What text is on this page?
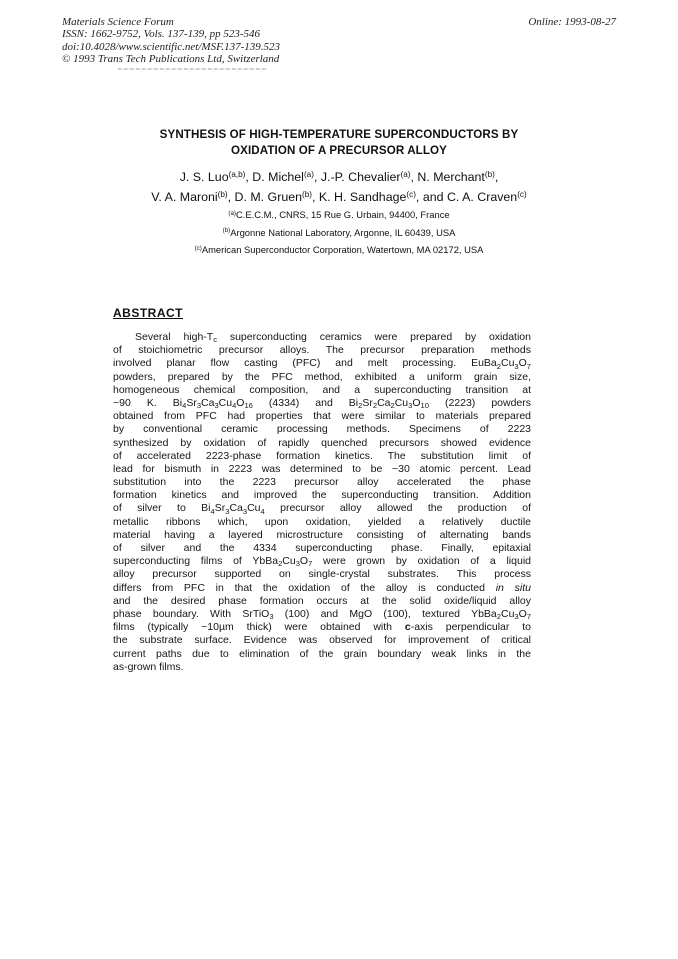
Materials Science Forum
ISSN: 1662-9752, Vols. 137-139, pp 523-546
doi:10.4028/www.scientific.net/MSF.137-139.523
© 1993 Trans Tech Publications Ltd, Switzerland
Online: 1993-08-27
SYNTHESIS OF HIGH-TEMPERATURE SUPERCONDUCTORS BY
OXIDATION OF A PRECURSOR ALLOY
J. S. Luo$^{(a,b)}$, D. Michel$^{(a)}$, J.-P. Chevalier$^{(a)}$, N. Merchant$^{(b)}$,
V. A. Maroni$^{(b)}$, D. M. Gruen$^{(b)}$, K. H. Sandhage$^{(c)}$, and C. A. Craven$^{(c)}$
$^{(a)}$C.E.C.M., CNRS, 15 Rue G. Urbain, 94400, France
$^{(b)}$Argonne National Laboratory, Argonne, IL 60439, USA
$^{(c)}$American Superconductor Corporation, Watertown, MA 02172, USA
ABSTRACT
Several high-$T_c$ superconducting ceramics were prepared by oxidation
of stoichiometric precursor alloys. The precursor preparation methods
involved planar flow casting (PFC) and melt processing. $EuBa_2Cu_3O_7$
powders, prepared by the PFC method, exhibited a uniform grain size,
homogeneous chemical composition, and a superconducting transition at
~90 K. $Bi_4Sr_3Ca_3Cu_4O_{16}$ (4334) and $Bi_2Sr_2Ca_2Cu_3O_{10}$ (2223) powders
obtained from PFC had properties that were similar to materials prepared
by conventional ceramic processing methods. Specimens of 2223
synthesized by oxidation of rapidly quenched precursors showed evidence
of accelerated 2223-phase formation kinetics. The substitution limit of
lead for bismuth in 2223 was determined to be ~30 atomic percent. Lead
substitution into the 2223 precursor alloy accelerated the phase
formation kinetics and improved the superconducting transition. Addition
of silver to $Bi_4Sr_3Ca_3Cu_4$ precursor alloy allowed the production of
metallic ribbons which, upon oxidation, yielded a relatively ductile
material having a layered microstructure consisting of alternating bands
of silver and the 4334 superconducting phase. Finally, epitaxial
superconducting films of $YbBa_2Cu_3O_7$ were grown by oxidation of a liquid
alloy precursor supported on single-crystal substrates. This process
differs from PFC in that the oxidation of the alloy is conducted in situ
and the desired phase formation occurs at the solid oxide/liquid alloy
phase boundary. With SrTiO$_3$ (100) and MgO (100), textured $YbBa_2Cu_3O_7$
films (typically ~10µm thick) were obtained with c-axis perpendicular to
the substrate surface. Evidence was observed for improvement of critical
current paths due to elimination of the grain boundary weak links in the
as-grown films.
